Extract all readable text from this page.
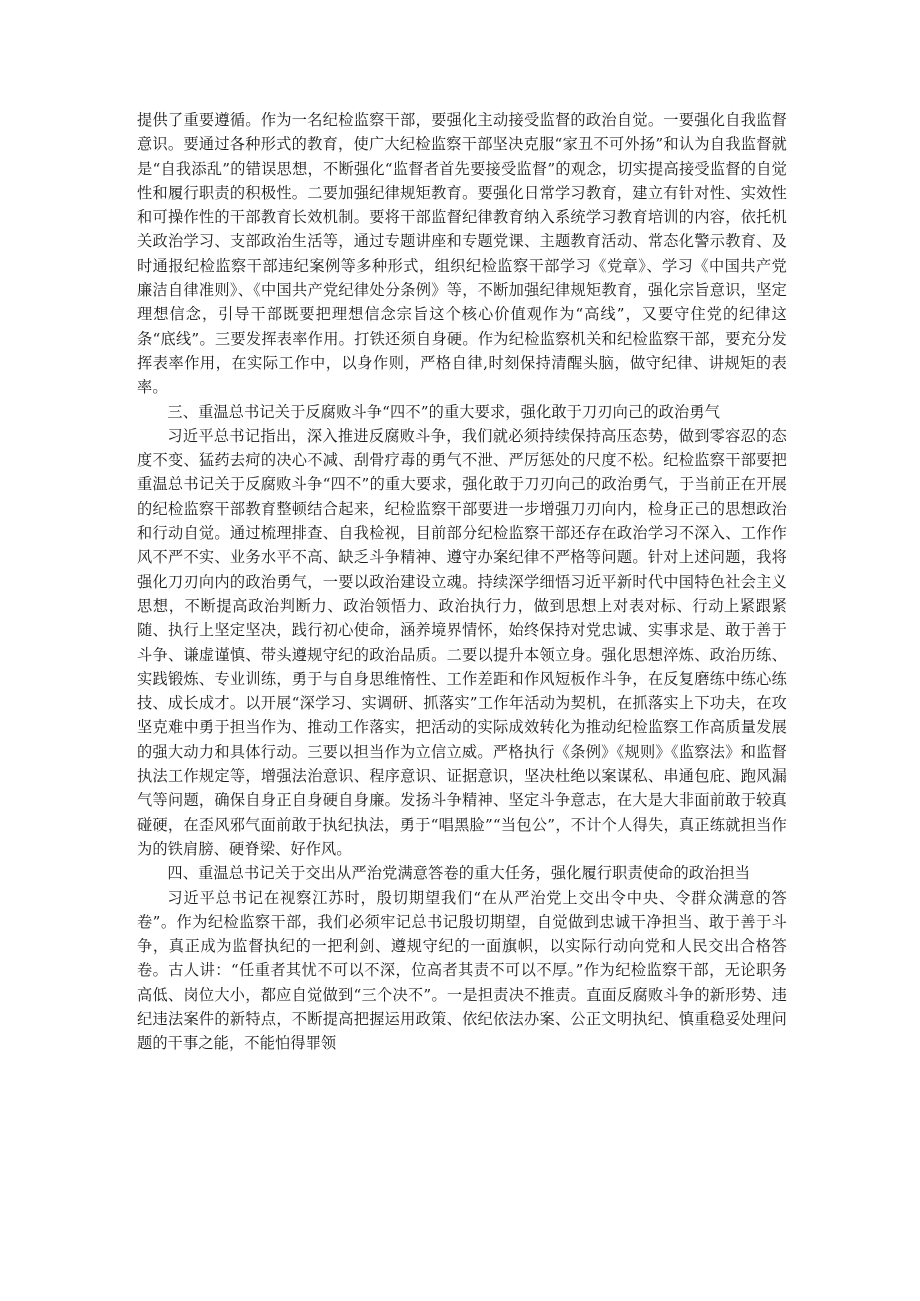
提供了重要遵循。作为一名纪检监察干部，要强化主动接受监督的政治自觉。一要强化自我监督意识。要通过各种形式的教育，使广大纪检监察干部坚决克服“家丑不可外扬”和认为自我监督就是“自我添乱”的错误思想，不断强化“监督者首先要接受监督”的观念，切实提高接受监督的自觉性和履行职责的积极性。二要加强纪律规矩教育。要强化日常学习教育，建立有针对性、实效性和可操作性的干部教育长效机制。要将干部监督纪律教育纳入系统学习教育培训的内容，依托机关政治学习、支部政治生活等，通过专题讲座和专题党课、主题教育活动、常态化警示教育、及时通报纪检监察干部违纪案例等多种形式，组织纪检监察干部学习《党章》、学习《中国共产党廉洁自律准则》、《中国共产党纪律处分条例》等，不断加强纪律规矩教育，强化宗旨意识，坚定理想信念，引导干部既要把理想信念宗旨这个核心价值观作为“高线”，又要守住党的纪律这条“底线”。三要发挥表率作用。打铁还须自身硬。作为纪检监察机关和纪检监察干部，要充分发挥表率作用，在实际工作中，以身作则，严格自律,时刻保持清醒头脑，做守纪律、讲规矩的表率。

三、重温总书记关于反腐败斗争“四不”的重大要求，强化敢于刀刃向己的政治勇气

习近平总书记指出，深入推进反腐败斗争，我们就必须持续保持高压态势，做到零容忍的态度不变、猛药去疴的决心不减、刮骨疗毒的勇气不泄、严厉惩处的尺度不松。纪检监察干部要把重温总书记关于反腐败斗争“四不”的重大要求，强化敢于刀刃向己的政治勇气，于当前正在开展的纪检监察干部教育整顿结合起来，纪检监察干部要进一步增强刀刃向内，检身正己的思想政治和行动自觉。通过梳理排查、自我检视，目前部分纪检监察干部还存在政治学习不深入、工作作风不严不实、业务水平不高、缺乏斗争精神、遵守办案纪律不严格等问题。针对上述问题，我将强化刀刃向内的政治勇气，一要以政治建设立魂。持续深学细悟习近平新时代中国特色社会主义思想，不断提高政治判断力、政治领悟力、政治执行力，做到思想上对表对标、行动上紧跟紧随、执行上坚定坚决，践行初心使命，涵养境界情怀，始终保持对党忠诚、实事求是、敢于善于斗争、谦虚谨慎、带头遵规守纪的政治品质。二要以提升本领立身。强化思想淬炼、政治历练、实践锻炼、专业训练，勇于与自身思维惰性、工作差距和作风短板作斗争，在反复磨练中练心练技、成长成才。以开展“深学习、实调研、抓落实”工作年活动为契机，在抓落实上下功夫，在攻坚克难中勇于担当作为、推动工作落实，把活动的实际成效转化为推动纪检监察工作高质量发展的强大动力和具体行动。三要以担当作为立信立威。严格执行《条例》《规则》《监察法》和监督执法工作规定等，增强法治意识、程序意识、证据意识，坚决杜绝以案谋私、串通包庇、跑风漏气等问题，确保自身正自身硬自身廉。发扬斗争精神、坚定斗争意志，在大是大非面前敢于较真碰硬，在歪风邪气面前敢于执纪执法，勇于“唱黑脸”“当包公”，不计个人得失，真正练就担当作为的铁肩膀、硬脊梁、好作风。

四、重温总书记关于交出从严治党满意答卷的重大任务，强化履行职责使命的政治担当

习近平总书记在视察江苏时，殷切期望我们“在从严治党上交出令中央、令群众满意的答卷”。作为纪检监察干部，我们必须牢记总书记殷切期望，自觉做到忠诚干净担当、敢于善于斗争，真正成为监督执纪的一把利剑、遵规守纪的一面旗帜，以实际行动向党和人民交出合格答卷。古人讲：“任重者其忧不可以不深，位高者其责不可以不厚。”作为纪检监察干部，无论职务高低、岗位大小，都应自觉做到“三个决不”。一是担责决不推责。直面反腐败斗争的新形势、违纪违法案件的新特点，不断提高把握运用政策、依纪依法办案、公正文明执纪、慎重稳妥处理问题的干事之能，不能怕得罪领
